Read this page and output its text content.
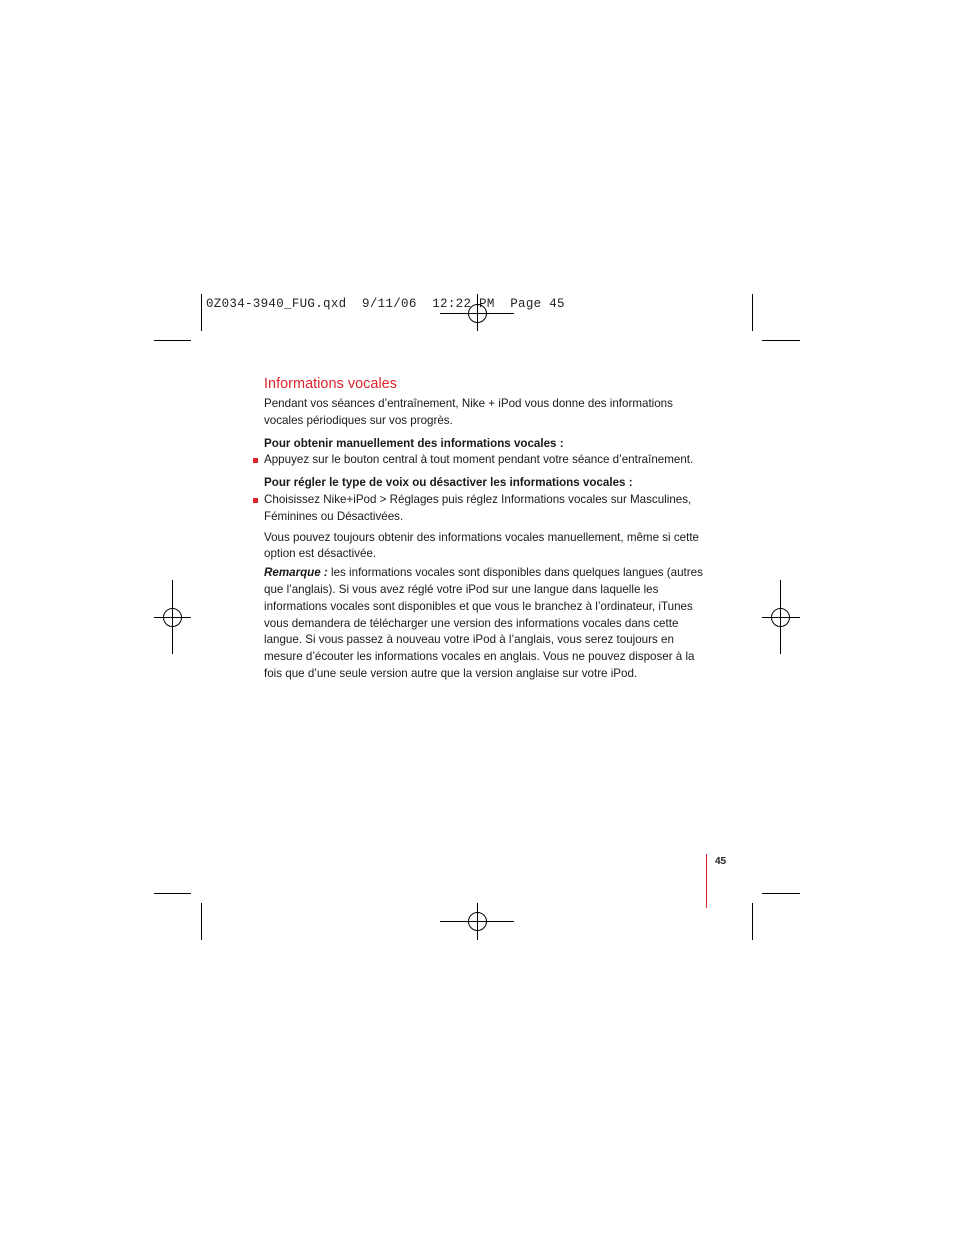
0Z034-3940_FUG.qxd  9/11/06  12:22 PM  Page 45
Informations vocales

Pendant vos séances d’entraînement, Nike + iPod vous donne des informations vocales périodiques sur vos progrès.

Pour obtenir manuellement des informations vocales :

Appuyez sur le bouton central à tout moment pendant votre séance d’entraînement.

Pour régler le type de voix ou désactiver les informations vocales :

Choisissez Nike+iPod > Réglages puis réglez Informations vocales sur Masculines, Féminines ou Désactivées.

Vous pouvez toujours obtenir des informations vocales manuellement, même si cette option est désactivée.

Remarque : les informations vocales sont disponibles dans quelques langues (autres que l’anglais). Si vous avez réglé votre iPod sur une langue dans laquelle les informations vocales sont disponibles et que vous le branchez à l’ordinateur, iTunes vous demandera de télécharger une version des informations vocales dans cette langue. Si vous passez à nouveau votre iPod à l’anglais, vous serez toujours en mesure d’écouter les informations vocales en anglais. Vous ne pouvez disposer à la fois que d’une seule version autre que la version anglaise sur votre iPod.

45
